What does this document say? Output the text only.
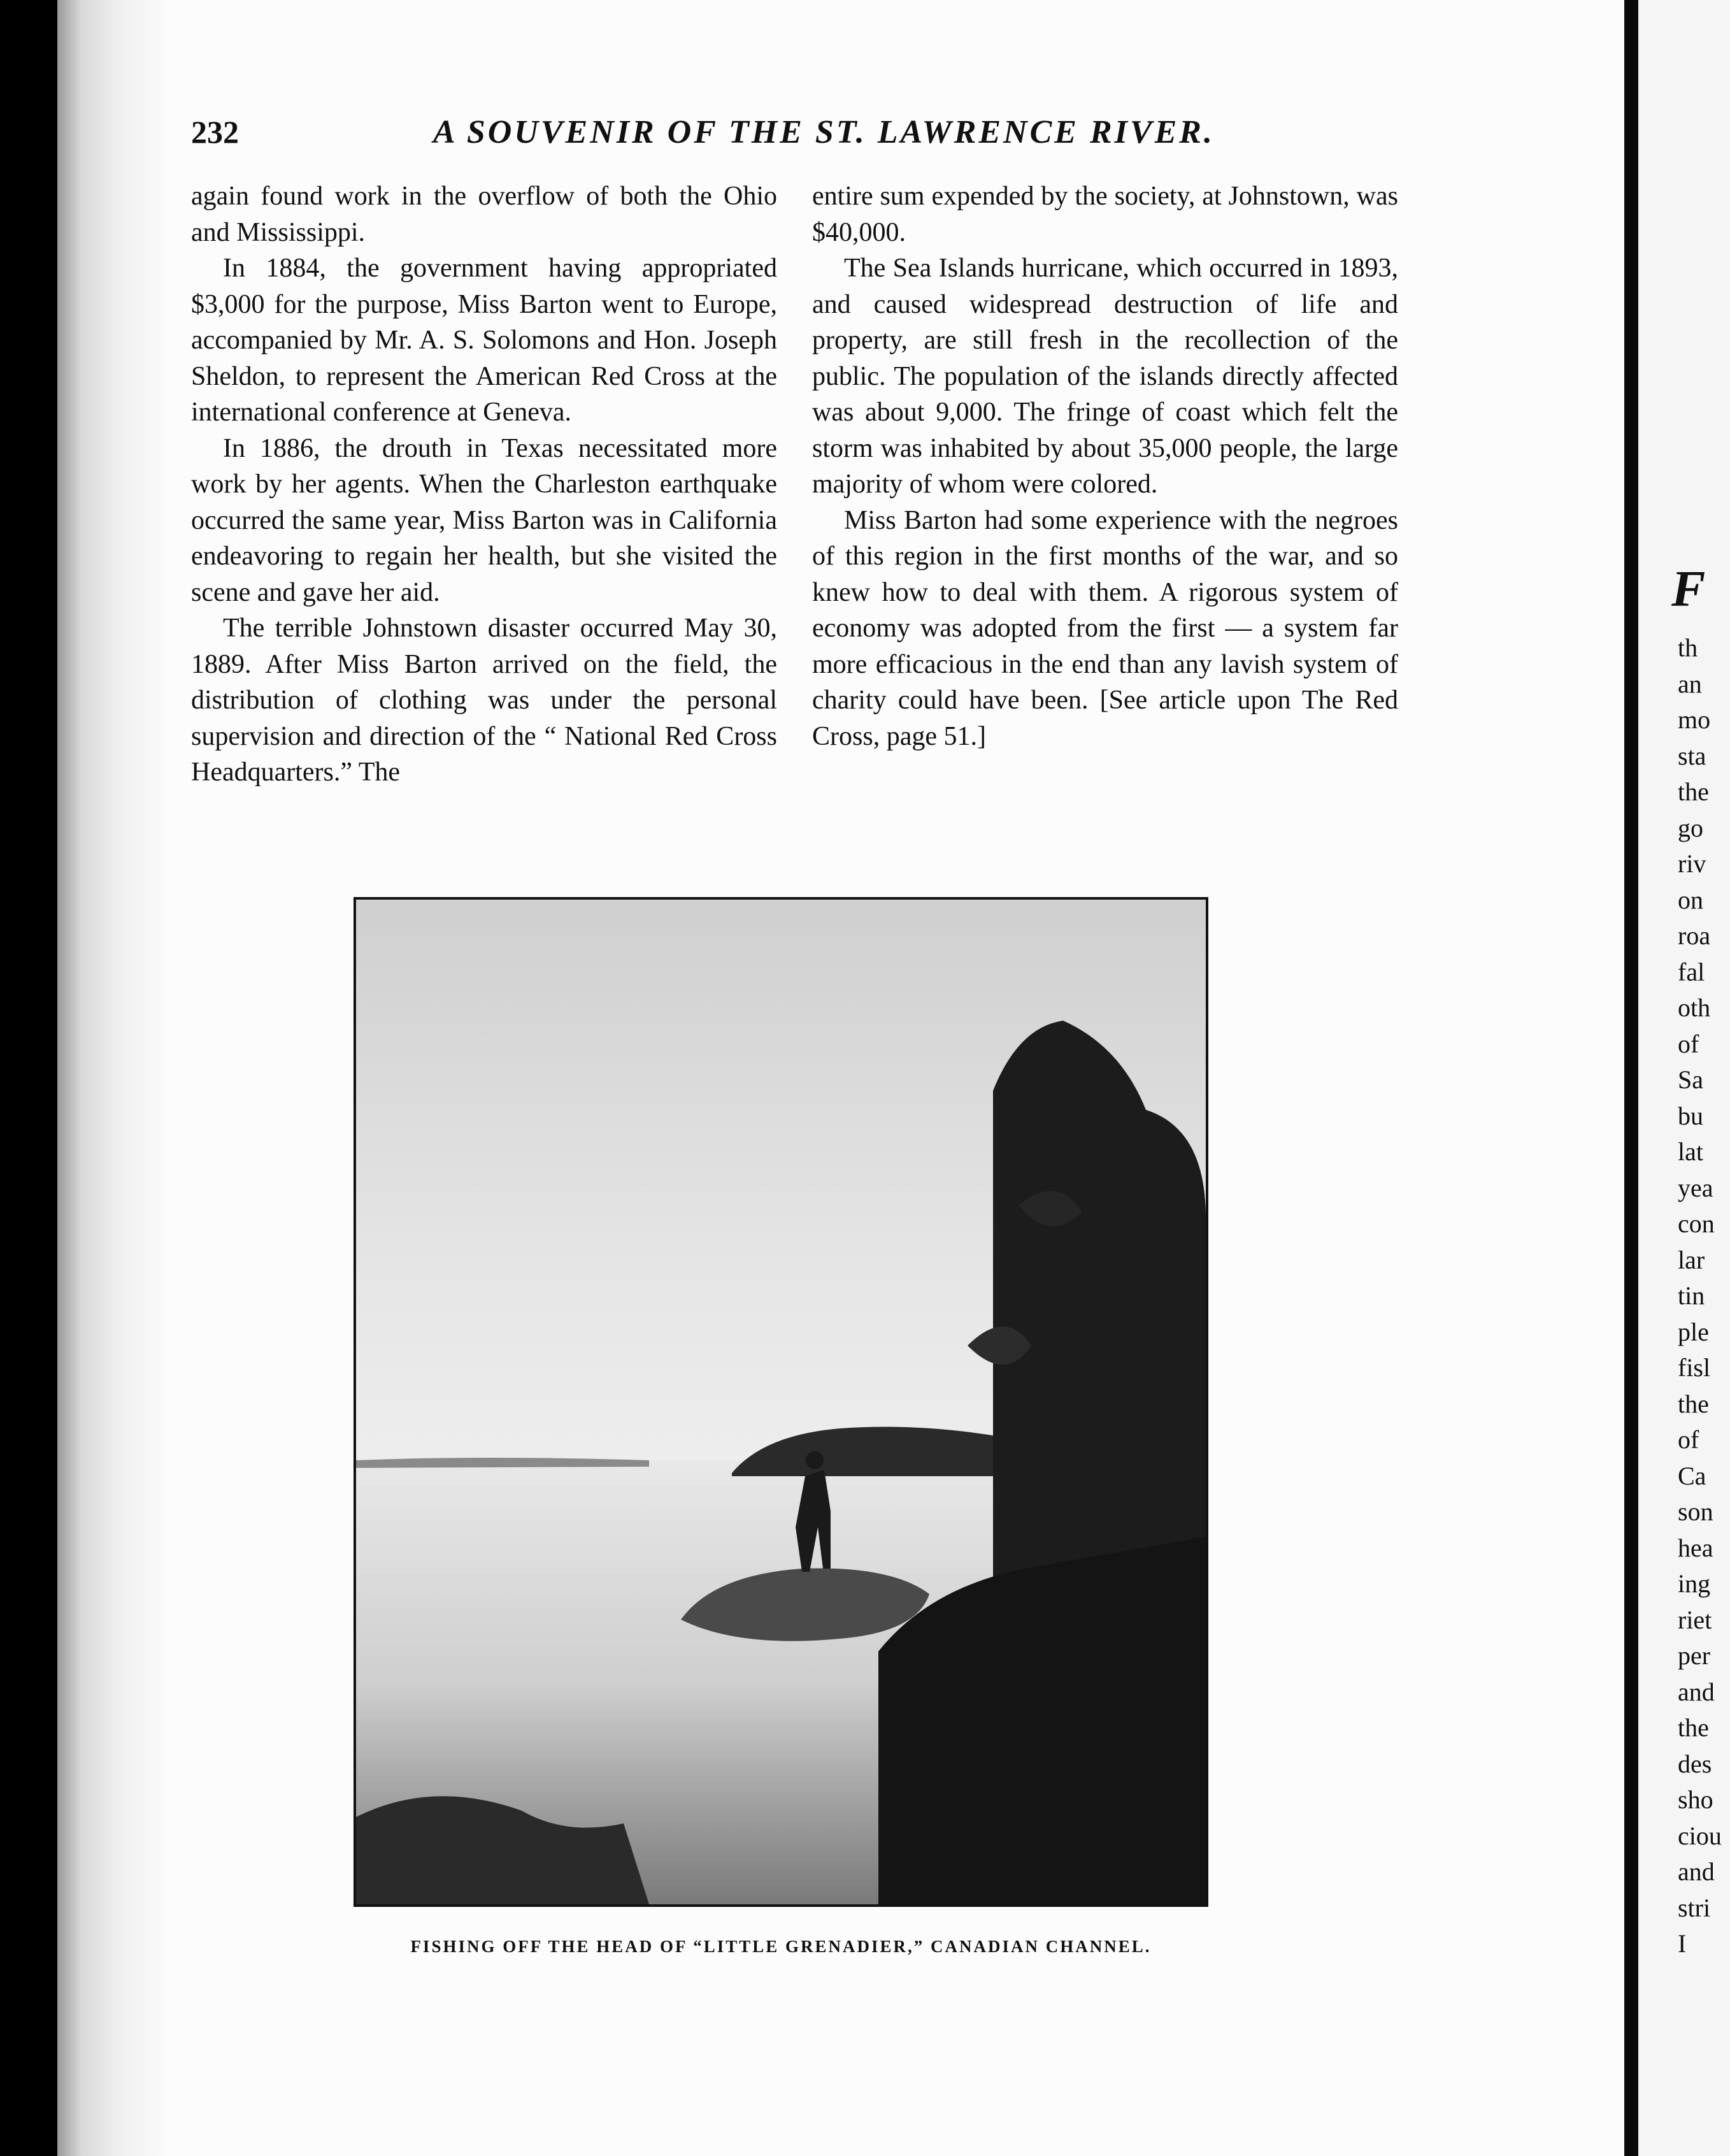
232	A SOUVENIR OF THE ST. LAWRENCE RIVER.

again found work in the overflow of both the Ohio and Mississippi.

In 1884, the government having appropriated $3,000 for the purpose, Miss Barton went to Europe, accompanied by Mr. A. S. Solomons and Hon. Joseph Sheldon, to represent the American Red Cross at the international conference at Geneva.

In 1886, the drouth in Texas necessitated more work by her agents. When the Charleston earthquake occurred the same year, Miss Barton was in California endeavoring to regain her health, but she visited the scene and gave her aid.

The terrible Johnstown disaster occurred May 30, 1889. After Miss Barton arrived on the field, the distribution of clothing was under the personal supervision and direction of the “ National Red Cross Headquarters.” The

entire sum expended by the society, at Johnstown, was $40,000.

The Sea Islands hurricane, which occurred in 1893, and caused widespread destruction of life and property, are still fresh in the recollection of the public. The population of the islands directly affected was about 9,000. The fringe of coast which felt the storm was inhabited by about 35,000 people, the large majority of whom were colored.

Miss Barton had some experience with the negroes of this region in the first months of the war, and so knew how to deal with them. A rigorous system of economy was adopted from the first — a system far more efficacious in the end than any lavish system of charity could have been. [See article upon The Red Cross, page 51.]

FISHING OFF THE HEAD OF “LITTLE GRENADIER,” CANADIAN CHANNEL.
F
th
an
mo
sta
the
go
riv
on
roa
fal
oth
of
Sa
bu
lat
yea
con
lar
tin
ple
fisl
the
of
Ca
son
hea
ing
riet
per
and
the
des
sho
ciou
and
stri
I
